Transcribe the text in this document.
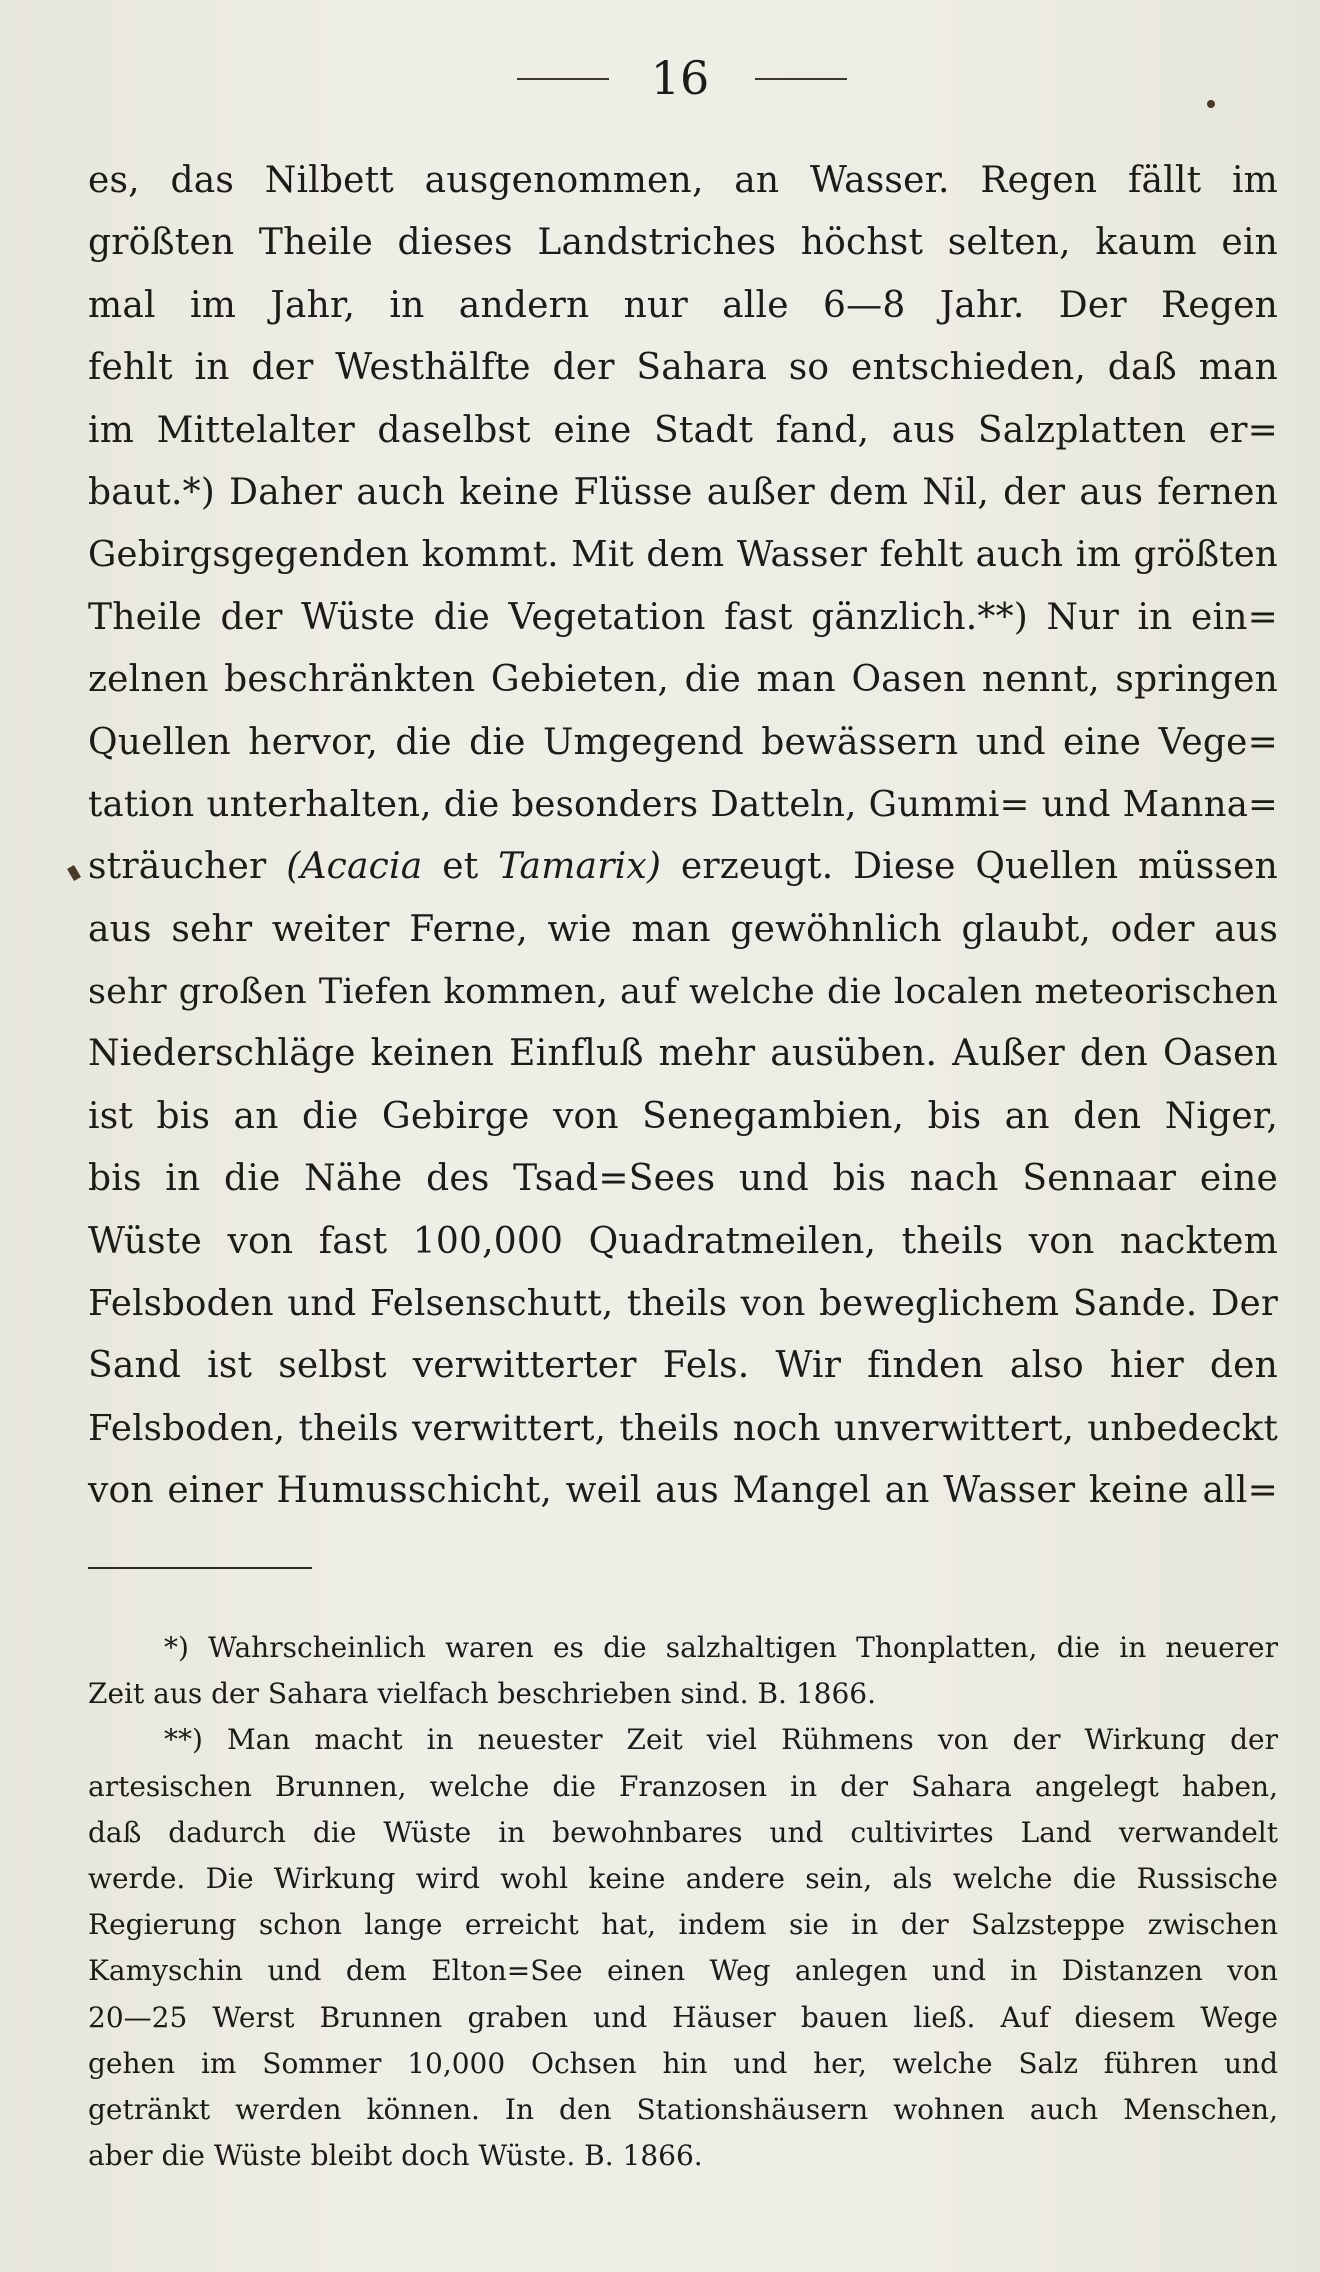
16
es, das Nilbett ausgenommen, an Wasser. Regen fällt im
größten Theile dieses Landstriches höchst selten, kaum ein
mal im Jahr, in andern nur alle 6—8 Jahr. Der Regen
fehlt in der Westhälfte der Sahara so entschieden, daß man
im Mittelalter daselbst eine Stadt fand, aus Salzplatten er=
baut.*) Daher auch keine Flüsse außer dem Nil, der aus fernen
Gebirgsgegenden kommt. Mit dem Wasser fehlt auch im größten
Theile der Wüste die Vegetation fast gänzlich.**) Nur in ein=
zelnen beschränkten Gebieten, die man Oasen nennt, springen
Quellen hervor, die die Umgegend bewässern und eine Vege=
tation unterhalten, die besonders Datteln, Gummi= und Manna=
sträucher (Acacia et Tamarix) erzeugt. Diese Quellen müssen
aus sehr weiter Ferne, wie man gewöhnlich glaubt, oder aus
sehr großen Tiefen kommen, auf welche die localen meteorischen
Niederschläge keinen Einfluß mehr ausüben. Außer den Oasen
ist bis an die Gebirge von Senegambien, bis an den Niger,
bis in die Nähe des Tsad=Sees und bis nach Sennaar eine
Wüste von fast 100,000 Quadratmeilen, theils von nacktem
Felsboden und Felsenschutt, theils von beweglichem Sande. Der
Sand ist selbst verwitterter Fels. Wir finden also hier den
Felsboden, theils verwittert, theils noch unverwittert, unbedeckt
von einer Humusschicht, weil aus Mangel an Wasser keine all=
*) Wahrscheinlich waren es die salzhaltigen Thonplatten, die in neuerer
Zeit aus der Sahara vielfach beschrieben sind. B. 1866.
**) Man macht in neuester Zeit viel Rühmens von der Wirkung der
artesischen Brunnen, welche die Franzosen in der Sahara angelegt haben,
daß dadurch die Wüste in bewohnbares und cultivirtes Land verwandelt
werde. Die Wirkung wird wohl keine andere sein, als welche die Russische
Regierung schon lange erreicht hat, indem sie in der Salzsteppe zwischen
Kamyschin und dem Elton=See einen Weg anlegen und in Distanzen von
20—25 Werst Brunnen graben und Häuser bauen ließ. Auf diesem Wege
gehen im Sommer 10,000 Ochsen hin und her, welche Salz führen und
getränkt werden können. In den Stationshäusern wohnen auch Menschen,
aber die Wüste bleibt doch Wüste. B. 1866.
